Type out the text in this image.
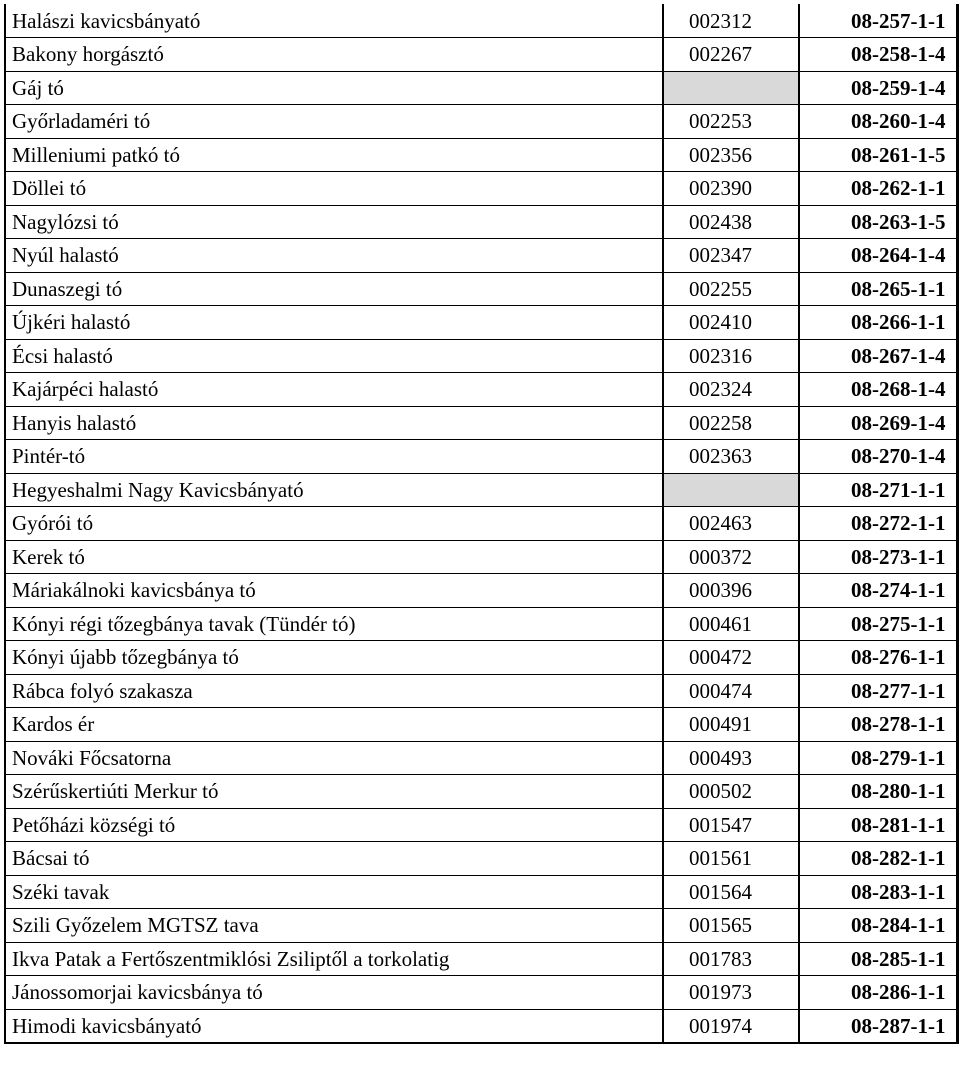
Halászi kavicsbányató	002312	08-257-1-1
Bakony horgásztó	002267	08-258-1-4
Gáj tó		08-259-1-4
Győrladaméri tó	002253	08-260-1-4
Milleniumi patkó tó	002356	08-261-1-5
Döllei tó	002390	08-262-1-1
Nagylózsi tó	002438	08-263-1-5
Nyúl halastó	002347	08-264-1-4
Dunaszegi tó	002255	08-265-1-1
Újkéri halastó	002410	08-266-1-1
Écsi halastó	002316	08-267-1-4
Kajárpéci halastó	002324	08-268-1-4
Hanyis halastó	002258	08-269-1-4
Pintér-tó	002363	08-270-1-4
Hegyeshalmi Nagy Kavicsbányató		08-271-1-1
Gyórói tó	002463	08-272-1-1
Kerek tó	000372	08-273-1-1
Máriakálnoki kavicsbánya tó	000396	08-274-1-1
Kónyi régi tőzegbánya tavak (Tündér tó)	000461	08-275-1-1
Kónyi újabb tőzegbánya tó	000472	08-276-1-1
Rábca folyó szakasza	000474	08-277-1-1
Kardos ér	000491	08-278-1-1
Nováki Főcsatorna	000493	08-279-1-1
Szérűskertiúti Merkur tó	000502	08-280-1-1
Petőházi községi tó	001547	08-281-1-1
Bácsai tó	001561	08-282-1-1
Széki tavak	001564	08-283-1-1
Szili Győzelem MGTSZ tava	001565	08-284-1-1
Ikva Patak a Fertőszentmiklósi Zsiliptől a torkolatig	001783	08-285-1-1
Jánossomorjai kavicsbánya tó	001973	08-286-1-1
Himodi kavicsbányató	001974	08-287-1-1
